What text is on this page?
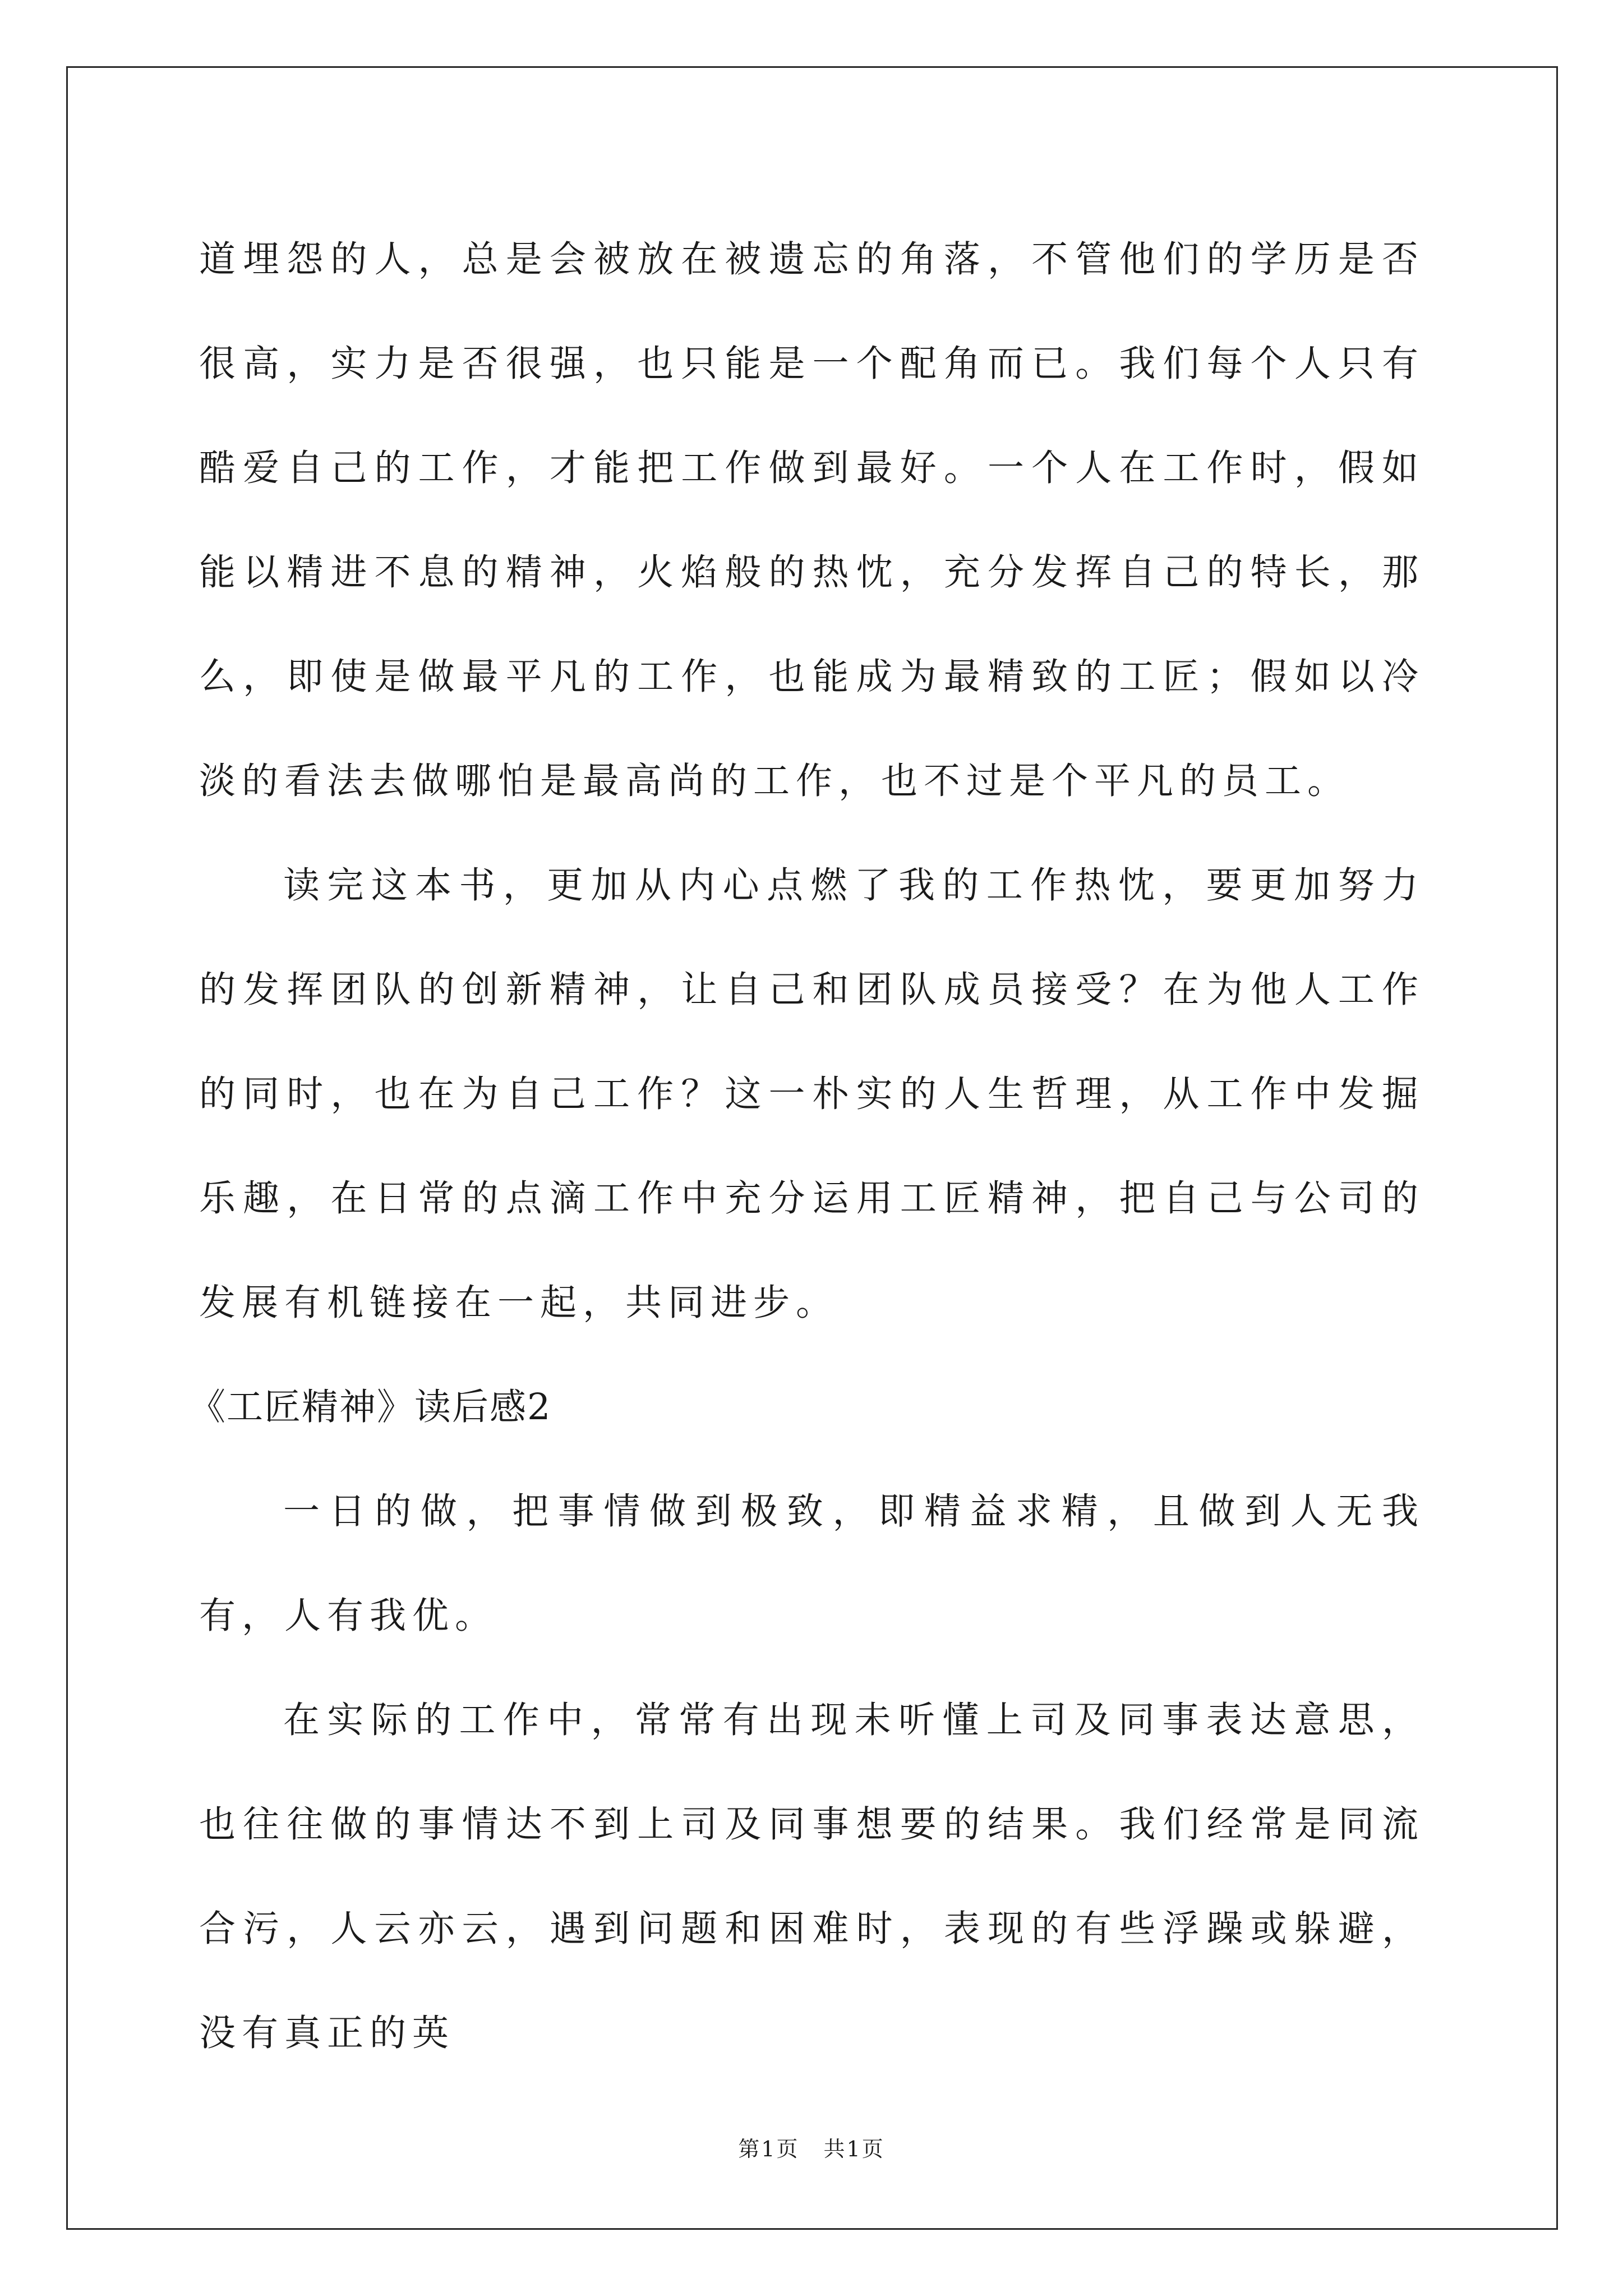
道埋怨的人，总是会被放在被遗忘的角落，不管他们的学历是否很高，实力是否很强，也只能是一个配角而已。我们每个人只有酷爱自己的工作，才能把工作做到最好。一个人在工作时，假如能以精进不息的精神，火焰般的热忱，充分发挥自己的特长，那么，即使是做最平凡的工作，也能成为最精致的工匠；假如以冷淡的看法去做哪怕是最高尚的工作，也不过是个平凡的员工。

读完这本书，更加从内心点燃了我的工作热忱，要更加努力的发挥团队的创新精神，让自己和团队成员接受？在为他人工作的同时，也在为自己工作？这一朴实的人生哲理，从工作中发掘乐趣，在日常的点滴工作中充分运用工匠精神，把自己与公司的发展有机链接在一起，共同进步。

《工匠精神》读后感2

一日的做，把事情做到极致，即精益求精，且做到人无我有，人有我优。

在实际的工作中，常常有出现未听懂上司及同事表达意思，也往往做的事情达不到上司及同事想要的结果。我们经常是同流合污，人云亦云，遇到问题和困难时，表现的有些浮躁或躲避，没有真正的英

第1页 共1页
